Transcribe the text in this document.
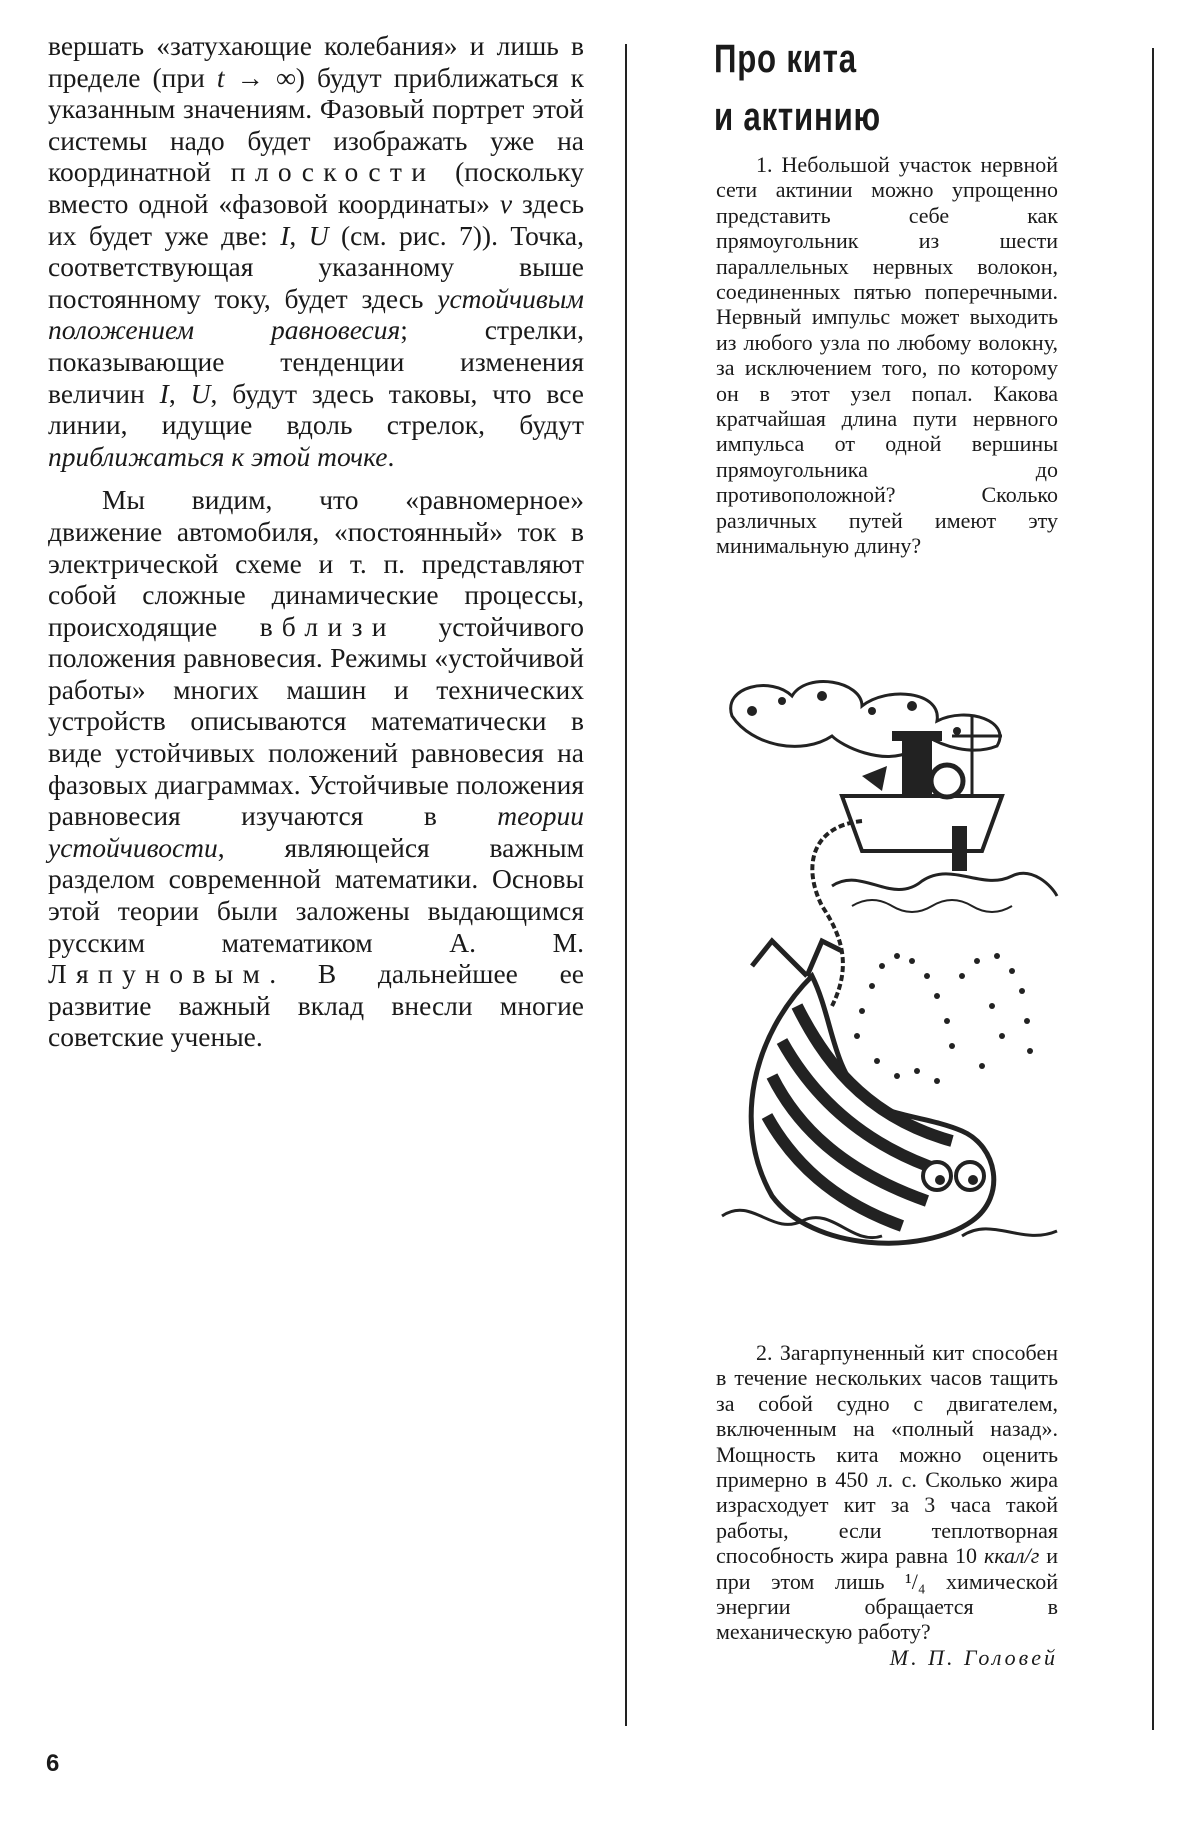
вершать «затухающие колебания» и лишь в пределе (при t → ∞) будут приближаться к указанным значениям. Фазовый портрет этой системы надо будет изображать уже на координатной плоскости (поскольку вместо одной «фазовой координаты» v здесь их будет уже две: I, U (см. рис. 7)). Точка, соответствующая указанному выше постоянному току, будет здесь устойчивым положением равновесия; стрелки, показывающие тенденции изменения величин I, U, будут здесь таковы, что все линии, идущие вдоль стрелок, будут приближаться к этой точке.

Мы видим, что «равномерное» движение автомобиля, «постоянный» ток в электрической схеме и т. п. представляют собой сложные динамические процессы, происходящие вблизи устойчивого положения равновесия. Режимы «устойчивой работы» многих машин и технических устройств описываются математически в виде устойчивых положений равновесия на фазовых диаграммах. Устойчивые положения равновесия изучаются в теории устойчивости, являющейся важным разделом современной математики. Основы этой теории были заложены выдающимся русским математиком А. М. Ляпуновым. В дальнейшее ее развитие важный вклад внесли многие советские ученые.

Про кита
и актинию

1. Небольшой участок нервной сети актинии можно упрощенно представить себе как прямоугольник из шести параллельных нервных волокон, соединенных пятью поперечными. Нервный импульс может выходить из любого узла по любому волокну, за исключением того, по которому он в этот узел попал. Какова кратчайшая длина пути нервного импульса от одной вершины прямоугольника до противоположной? Сколько различных путей имеют эту минимальную длину?

2. Загарпуненный кит способен в течение нескольких часов тащить за собой судно с двигателем, включенным на «полный назад». Мощность кита можно оценить примерно в 450 л. с. Сколько жира израсходует кит за 3 часа такой работы, если теплотворная способность жира равна 10 ккал/г и при этом лишь ¹/₄ химической энергии обращается в механическую работу?

М. П. Головей
6
